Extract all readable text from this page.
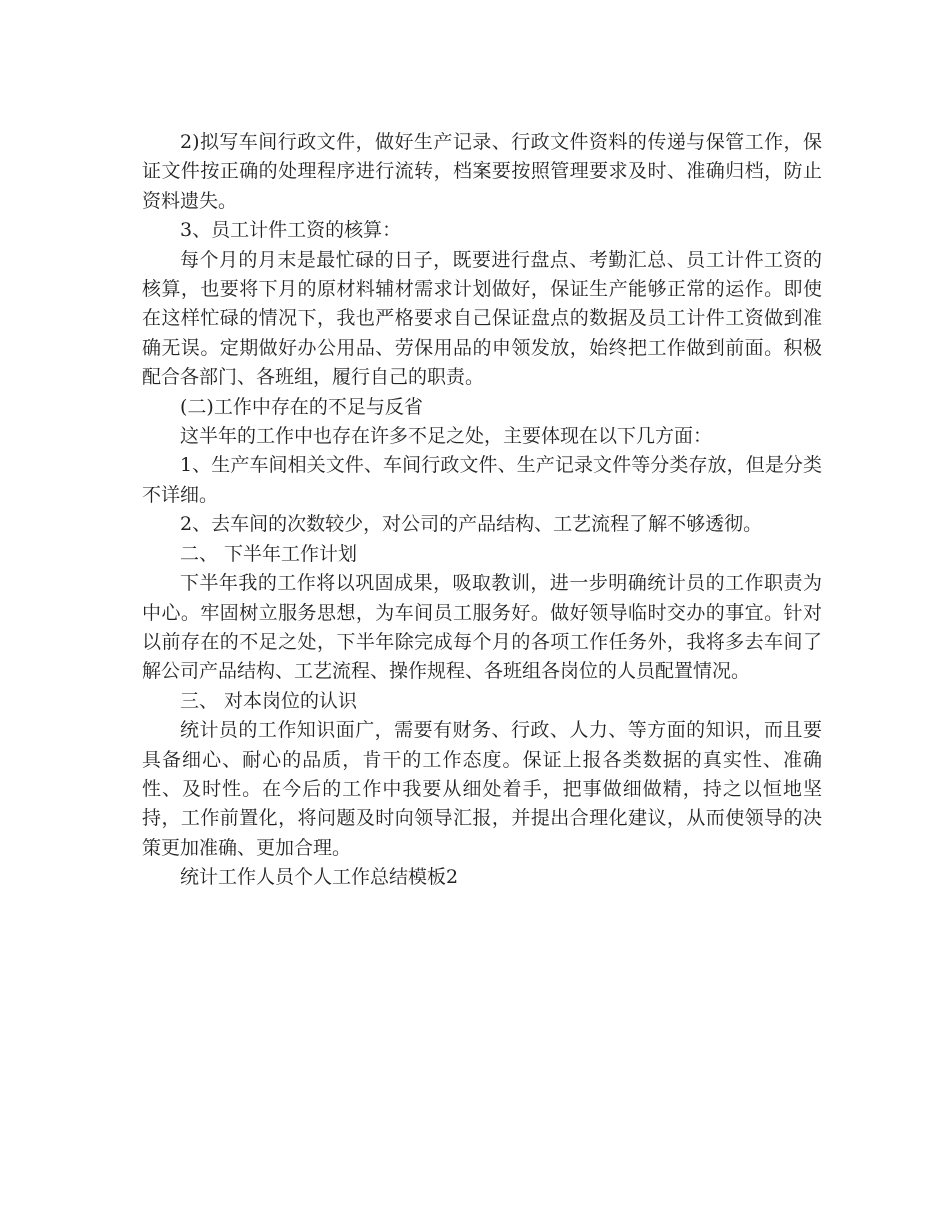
2)拟写车间行政文件，做好生产记录、行政文件资料的传递与保管工作，保证文件按正确的处理程序进行流转，档案要按照管理要求及时、准确归档，防止资料遗失。

3、员工计件工资的核算：

每个月的月末是最忙碌的日子，既要进行盘点、考勤汇总、员工计件工资的核算，也要将下月的原材料辅材需求计划做好，保证生产能够正常的运作。即使在这样忙碌的情况下，我也严格要求自己保证盘点的数据及员工计件工资做到准确无误。定期做好办公用品、劳保用品的申领发放，始终把工作做到前面。积极配合各部门、各班组，履行自己的职责。

(二)工作中存在的不足与反省

这半年的工作中也存在许多不足之处，主要体现在以下几方面：

1、生产车间相关文件、车间行政文件、生产记录文件等分类存放，但是分类不详细。

2、去车间的次数较少，对公司的产品结构、工艺流程了解不够透彻。

二、 下半年工作计划

下半年我的工作将以巩固成果，吸取教训，进一步明确统计员的工作职责为中心。牢固树立服务思想，为车间员工服务好。做好领导临时交办的事宜。针对以前存在的不足之处，下半年除完成每个月的各项工作任务外，我将多去车间了解公司产品结构、工艺流程、操作规程、各班组各岗位的人员配置情况。

三、 对本岗位的认识

统计员的工作知识面广，需要有财务、行政、人力、等方面的知识，而且要具备细心、耐心的品质，肯干的工作态度。保证上报各类数据的真实性、准确性、及时性。在今后的工作中我要从细处着手，把事做细做精，持之以恒地坚持，工作前置化，将问题及时向领导汇报，并提出合理化建议，从而使领导的决策更加准确、更加合理。

统计工作人员个人工作总结模板2
